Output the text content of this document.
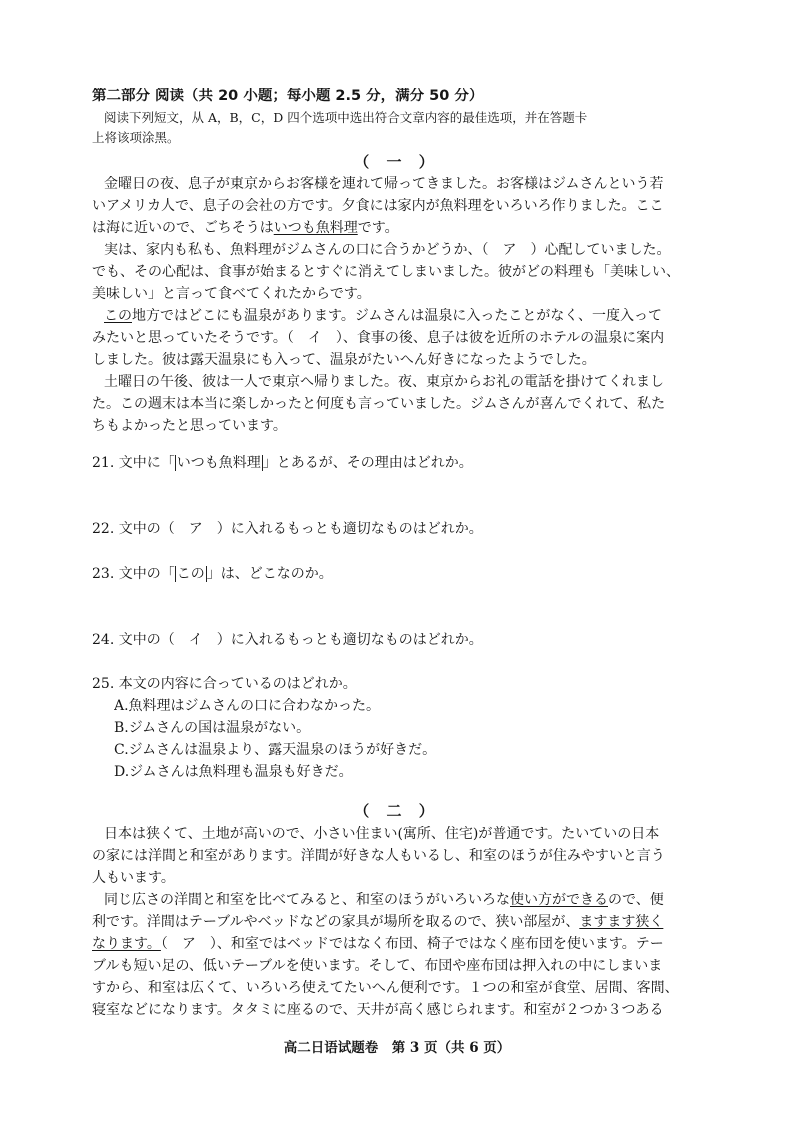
第二部分 阅读（共 20 小题；每小题 2.5 分，满分 50 分）
阅读下列短文，从 A，B，C，D 四个选项中选出符合文章内容的最佳选项，并在答题卡
上将该项涂黑。
（ 一 ）
金曜日の夜、息子が東京からお客様を連れて帰ってきました。お客様はジムさんという若
いアメリカ人で、息子の会社の方です。夕食には家内が魚料理をいろいろ作りました。ここ
は海に近いので、ごちそうはいつも魚料理です。
実は、家内も私も、魚料理がジムさんの口に合うかどうか、（　ア　）心配していました。
でも、その心配は、食事が始まるとすぐに消えてしまいました。彼がどの料理も「美味しい、
美味しい」と言って食べてくれたからです。
この地方ではどこにも温泉があります。ジムさんは温泉に入ったことがなく、一度入って
みたいと思っていたそうです。（　イ　）、食事の後、息子は彼を近所のホテルの温泉に案内
しました。彼は露天温泉にも入って、温泉がたいへん好きになったようでした。
土曜日の午後、彼は一人で東京へ帰りました。夜、東京からお礼の電話を掛けてくれまし
た。この週末は本当に楽しかったと何度も言っていました。ジムさんが喜んでくれて、私た
ちもよかったと思っています。
21. 文中に「 いつも魚料理 」とあるが、その理由はどれか。
22. 文中の（　ア　）に入れるもっとも適切なものはどれか。
23. 文中の「 この 」は、どこなのか。
24. 文中の（　イ　）に入れるもっとも適切なものはどれか。
25. 本文の内容に合っているのはどれか。
A.魚料理はジムさんの口に合わなかった。
B.ジムさんの国は温泉がない。
C.ジムさんは温泉より、露天温泉のほうが好きだ。
D.ジムさんは魚料理も温泉も好きだ。
（ 二 ）
日本は狭くて、土地が高いので、小さい住まい(寓所、住宅)が普通です。たいていの日本
の家には洋間と和室があります。洋間が好きな人もいるし、和室のほうが住みやすいと言う
人もいます。
同じ広さの洋間と和室を比べてみると、和室のほうがいろいろな使い方ができるので、便
利です。洋間はテーブルやベッドなどの家具が場所を取るので、狭い部屋が、ますます狭く
なります。（　ア　）、和室ではベッドではなく布団、椅子ではなく座布団を使います。テー
ブルも短い足の、低いテーブルを使います。そして、布団や座布団は押入れの中にしまいま
すから、和室は広くて、いろいろ使えてたいへん便利です。１つの和室が食堂、居間、客間、
寝室などになります。タタミに座るので、天井が高く感じられます。和室が２つか３つある
高二日语试题卷　第 3 页（共 6 页）
